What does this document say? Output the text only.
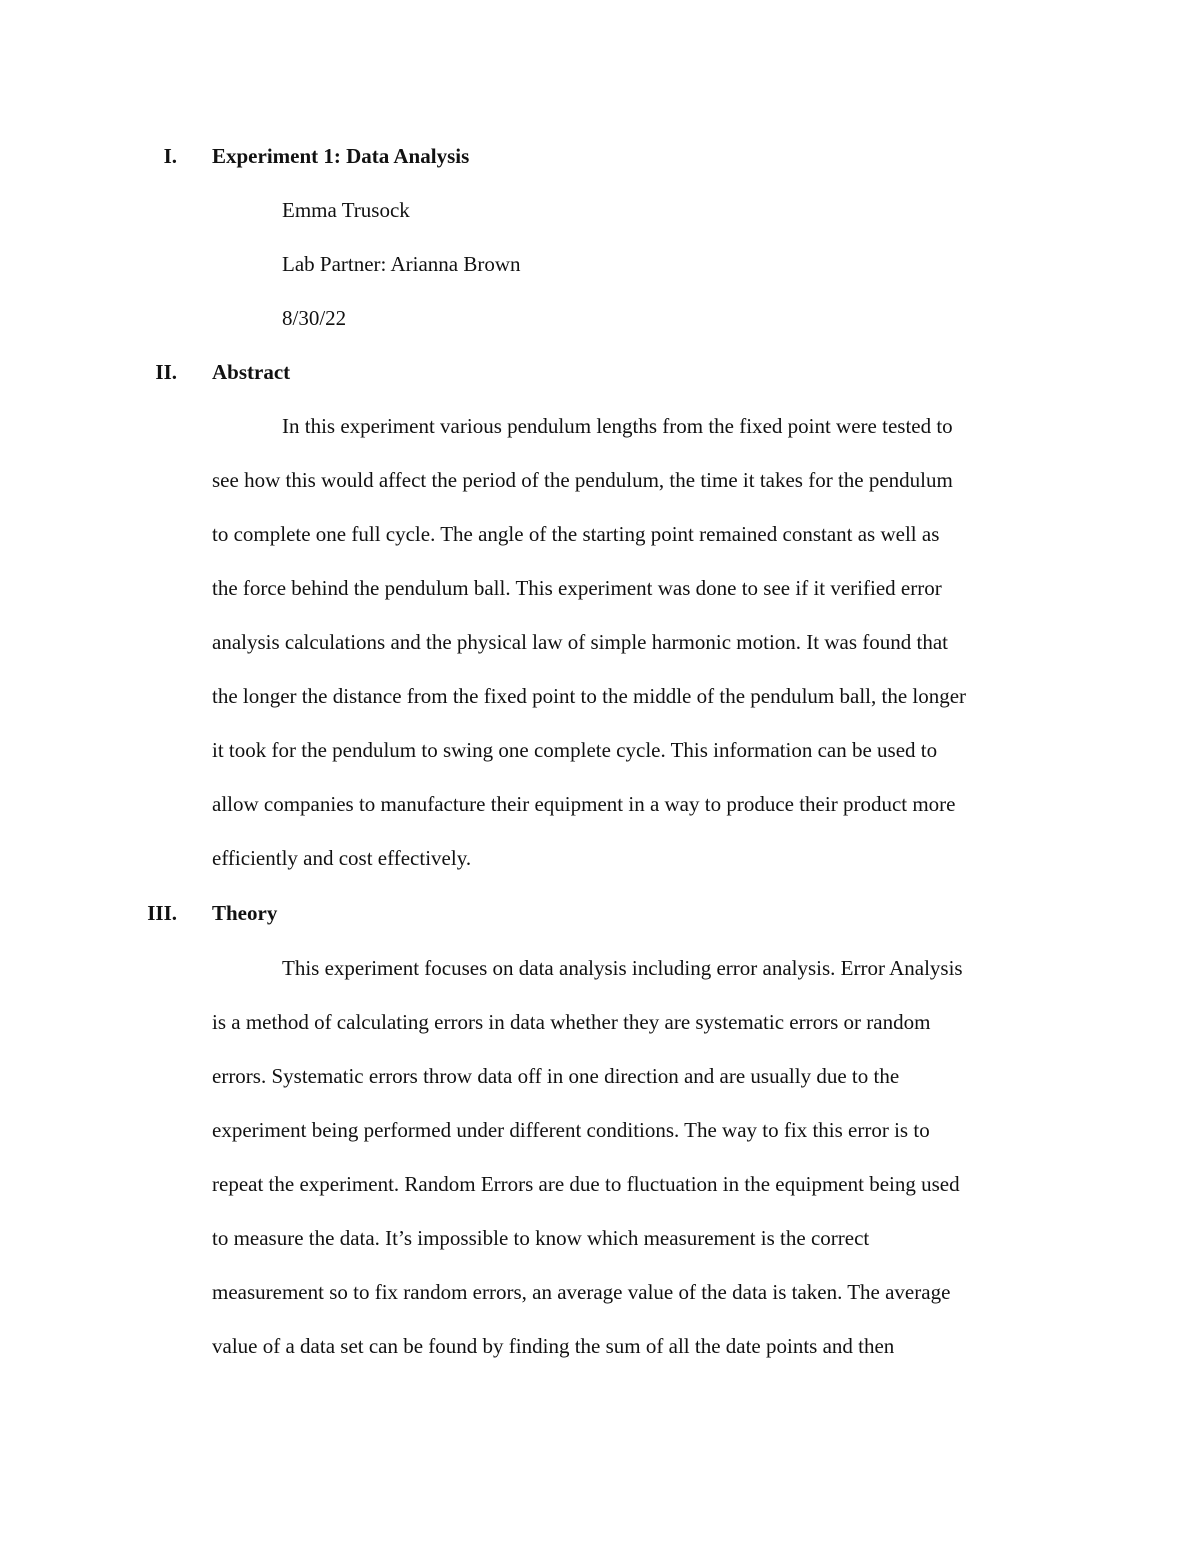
I. Experiment 1: Data Analysis
Emma Trusock
Lab Partner: Arianna Brown
8/30/22
II. Abstract
In this experiment various pendulum lengths from the fixed point were tested to
see how this would affect the period of the pendulum, the time it takes for the pendulum
to complete one full cycle. The angle of the starting point remained constant as well as
the force behind the pendulum ball. This experiment was done to see if it verified error
analysis calculations and the physical law of simple harmonic motion. It was found that
the longer the distance from the fixed point to the middle of the pendulum ball, the longer
it took for the pendulum to swing one complete cycle. This information can be used to
allow companies to manufacture their equipment in a way to produce their product more
efficiently and cost effectively.
III. Theory
This experiment focuses on data analysis including error analysis. Error Analysis
is a method of calculating errors in data whether they are systematic errors or random
errors. Systematic errors throw data off in one direction and are usually due to the
experiment being performed under different conditions. The way to fix this error is to
repeat the experiment. Random Errors are due to fluctuation in the equipment being used
to measure the data. It’s impossible to know which measurement is the correct
measurement so to fix random errors, an average value of the data is taken. The average
value of a data set can be found by finding the sum of all the date points and then
